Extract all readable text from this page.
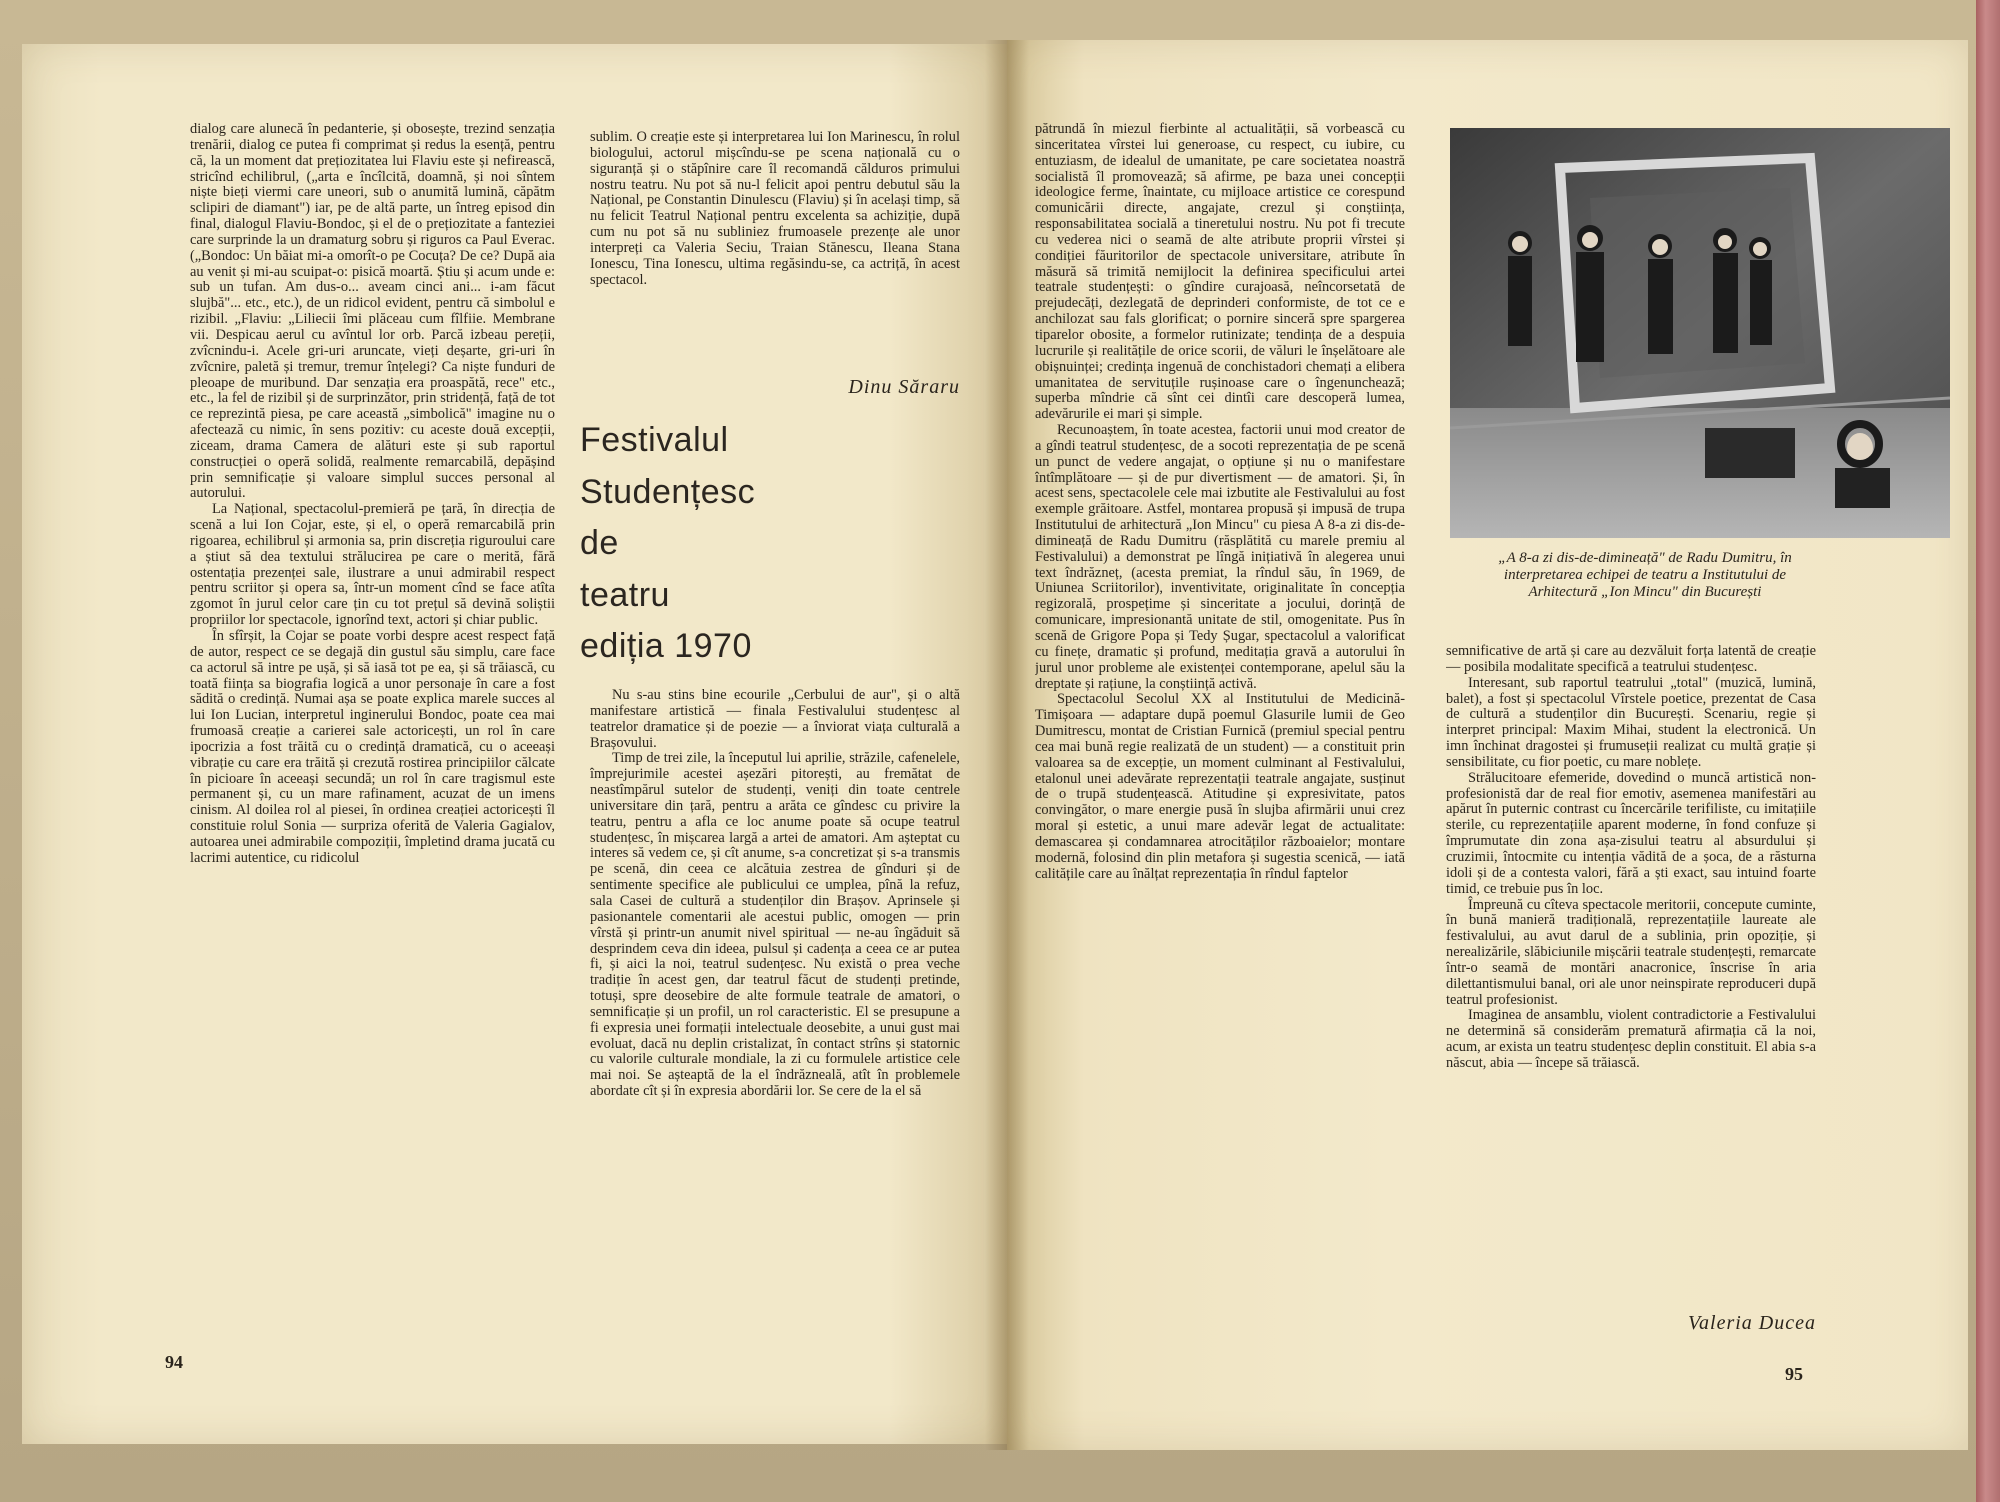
dialog care alunecă în pedanterie, și obosește, trezind senzația trenării, dialog ce putea fi comprimat și redus la esență, pentru că, la un moment dat prețiozitatea lui Flaviu este și nefirească, stricînd echilibrul, („arta e încîlcită, doamnă, și noi sîntem niște bieți viermi care uneori, sub o anumită lumină, căpătm sclipiri de diamant") iar, pe de altă parte, un întreg episod din final, dialogul Flaviu-Bondoc, și el de o prețiozitate a fanteziei care surprinde la un dramaturg sobru și riguros ca Paul Everac. („Bondoc: Un băiat mi-a omorît-o pe Cocuța? De ce? După aia au venit și mi-au scuipat-o: pisică moartă. Știu și acum unde e: sub un tufan. Am dus-o... aveam cinci ani... i-am făcut slujbă"... etc., etc.), de un ridicol evident, pentru că simbolul e rizibil. „Flaviu: „Liliecii îmi plăceau cum fîlfiie. Membrane vii. Despicau aerul cu avîntul lor orb. Parcă izbeau pereții, zvîcnindu-i. Acele gri-uri aruncate, vieți deșarte, gri-uri în zvîcnire, paletă și tremur, tremur înțelegi? Ca niște funduri de pleoape de muribund. Dar senzația era proaspătă, rece" etc., etc., la fel de rizibil și de surprinzător, prin stridență, față de tot ce reprezintă piesa, pe care această „simbolică" imagine nu o afectează cu nimic, în sens pozitiv: cu aceste două excepții, ziceam, drama Camera de alături este și sub raportul construcției o operă solidă, realmente remarcabilă, depășind prin semnificație și valoare simplul succes personal al autorului.

La Național, spectacolul-premieră pe țară, în direcția de scenă a lui Ion Cojar, este, și el, o operă remarcabilă prin rigoarea, echilibrul și armonia sa, prin discreția riguroului care a știut să dea textului strălucirea pe care o merită, fără ostentația prezenței sale, ilustrare a unui admirabil respect pentru scriitor și opera sa, într-un moment cînd se face atîta zgomot în jurul celor care țin cu tot prețul să devină soliștii propriilor lor spectacole, ignorînd text, actori și chiar public.

În sfîrșit, la Cojar se poate vorbi despre acest respect față de autor, respect ce se degajă din gustul său simplu, care face ca actorul să intre pe ușă, și să iasă tot pe ea, și să trăiască, cu toată ființa sa biografia logică a unor personaje în care a fost sădită o credință. Numai așa se poate explica marele succes al lui Ion Lucian, interpretul inginerului Bondoc, poate cea mai frumoasă creație a carierei sale actoricești, un rol în care ipocrizia a fost trăită cu o credință dramatică, cu o aceeași vibrație cu care era trăită și crezută rostirea principiilor călcate în picioare în aceeași secundă; un rol în care tragismul este permanent și, cu un mare rafinament, acuzat de un imens cinism. Al doilea rol al piesei, în ordinea creației actoricești îl constituie rolul Sonia — surpriza oferită de Valeria Gagialov, autoarea unei admirabile compoziții, împletind drama jucată cu lacrimi autentice, cu ridicolul

sublim. O creație este și interpretarea lui Ion Marinescu, în rolul biologului, actorul mișcîndu-se pe scena națională cu o siguranță și o stăpînire care îl recomandă călduros primului nostru teatru. Nu pot să nu-l felicit apoi pentru debutul său la Național, pe Constantin Dinulescu (Flaviu) și în același timp, să nu felicit Teatrul Național pentru excelenta sa achiziție, după cum nu pot să nu subliniez frumoasele prezențe ale unor interpreți ca Valeria Seciu, Traian Stănescu, Ileana Stana Ionescu, Tina Ionescu, ultima regăsindu-se, ca actriță, în acest spectacol.

Dinu Săraru
Festivalul
Studențesc
de
teatru
ediția 1970

Nu s-au stins bine ecourile „Cerbului de aur", și o altă manifestare artistică — finala Festivalului studențesc al teatrelor dramatice și de poezie — a înviorat viața culturală a Brașovului.

Timp de trei zile, la începutul lui aprilie, străzile, cafenelele, împrejurimile acestei așezări pitorești, au fremătat de neastîmpărul sutelor de studenți, veniți din toate centrele universitare din țară, pentru a arăta ce gîndesc cu privire la teatru, pentru a afla ce loc anume poate să ocupe teatrul studențesc, în mișcarea largă a artei de amatori. Am așteptat cu interes să vedem ce, și cît anume, s-a concretizat și s-a transmis pe scenă, din ceea ce alcătuia zestrea de gînduri și de sentimente specifice ale publicului ce umplea, pînă la refuz, sala Casei de cultură a studenților din Brașov. Aprinsele și pasionantele comentarii ale acestui public, omogen — prin vîrstă și printr-un anumit nivel spiritual — ne-au îngăduit să desprindem ceva din ideea, pulsul și cadența a ceea ce ar putea fi, și aici la noi, teatrul sudențesc. Nu există o prea veche tradiție în acest gen, dar teatrul făcut de studenți pretinde, totuși, spre deosebire de alte formule teatrale de amatori, o semnificație și un profil, un rol caracteristic. El se presupune a fi expresia unei formații intelectuale deosebite, a unui gust mai evoluat, dacă nu deplin cristalizat, în contact strîns și statornic cu valorile culturale mondiale, la zi cu formulele artistice cele mai noi. Se așteaptă de la el îndrăzneală, atît în problemele abordate cît și în expresia abordării lor. Se cere de la el să

94

pătrundă în miezul fierbinte al actualității, să vorbească cu sinceritatea vîrstei lui generoase, cu respect, cu iubire, cu entuziasm, de idealul de umanitate, pe care societatea noastră socialistă îl promovează; să afirme, pe baza unei concepții ideologice ferme, înaintate, cu mijloace artistice ce corespund comunicării directe, angajate, crezul și conștiința, responsabilitatea socială a tineretului nostru. Nu pot fi trecute cu vederea nici o seamă de alte atribute proprii vîrstei și condiției făuritorilor de spectacole universitare, atribute în măsură să trimită nemijlocit la definirea specificului artei teatrale studențești: o gîndire curajoasă, neîncorsetată de prejudecăți, dezlegată de deprinderi conformiste, de tot ce e anchilozat sau fals glorificat; o pornire sinceră spre spargerea tiparelor obosite, a formelor rutinizate; tendința de a despuia lucrurile și realitățile de orice scorii, de văluri le înșelătoare ale obișnuinței; credința ingenuă de conchistadori chemați a elibera umanitatea de servituțile rușinoase care o îngenunchează; superba mîndrie că sînt cei dintîi care descoperă lumea, adevărurile ei mari și simple.

Recunoaștem, în toate acestea, factorii unui mod creator de a gîndi teatrul studențesc, de a socoti reprezentația de pe scenă un punct de vedere angajat, o opțiune și nu o manifestare întîmplătoare — și de pur divertisment — de amatori. Și, în acest sens, spectacolele cele mai izbutite ale Festivalului au fost exemple grăitoare. Astfel, montarea propusă și impusă de trupa Institutului de arhitectură „Ion Mincu" cu piesa A 8-a zi dis-de-dimineață de Radu Dumitru (răsplătită cu marele premiu al Festivalului) a demonstrat pe lîngă inițiativă în alegerea unui text îndrăzneț, (acesta premiat, la rîndul său, în 1969, de Uniunea Scriitorilor), inventivitate, originalitate în concepția regizorală, prospețime și sinceritate a jocului, dorință de comunicare, impresionantă unitate de stil, omogenitate. Pus în scenă de Grigore Popa și Tedy Șugar, spectacolul a valorificat cu finețe, dramatic și profund, meditația gravă a autorului în jurul unor probleme ale existenței contemporane, apelul său la dreptate și rațiune, la conștiință activă.

Spectacolul Secolul XX al Institutului de Medicină-Timișoara — adaptare după poemul Glasurile lumii de Geo Dumitrescu, montat de Cristian Furnică (premiul special pentru cea mai bună regie realizată de un student) — a constituit prin valoarea sa de excepție, un moment culminant al Festivalului, etalonul unei adevărate reprezentații teatrale angajate, susținut de o trupă studențească. Atitudine și expresivitate, patos convingător, o mare energie pusă în slujba afirmării unui crez moral și estetic, a unui mare adevăr legat de actualitate: demascarea și condamnarea atrocităților războaielor; montare modernă, folosind din plin metafora și sugestia scenică, — iată calitățile care au înălțat reprezentația în rîndul faptelor

„A 8-a zi dis-de-dimineață" de Radu Dumitru, în interpretarea echipei de teatru a Institutului de Arhitectură „Ion Mincu" din București

semnificative de artă și care au dezvăluit forța latentă de creație — posibila modalitate specifică a teatrului studențesc.

Interesant, sub raportul teatrului „total" (muzică, lumină, balet), a fost și spectacolul Vîrstele poetice, prezentat de Casa de cultură a studenților din București. Scenariu, regie și interpret principal: Maxim Mihai, student la electronică. Un imn închinat dragostei și frumuseții realizat cu multă grație și sensibilitate, cu fior poetic, cu mare noblețe.

Strălucitoare efemeride, dovedind o muncă artistică non-profesionistă dar de real fior emotiv, asemenea manifestări au apărut în puternic contrast cu încercările terifiliste, cu imitațiile sterile, cu reprezentațiile aparent moderne, în fond confuze și împrumutate din zona așa-zisului teatru al absurdului și cruzimii, întocmite cu intenția vădită de a șoca, de a răsturna idoli și de a contesta valori, fără a ști exact, sau intuind foarte timid, ce trebuie pus în loc.

Împreună cu cîteva spectacole meritorii, concepute cuminte, în bună manieră tradițională, reprezentațiile laureate ale festivalului, au avut darul de a sublinia, prin opoziție, și nerealizările, slăbiciunile mișcării teatrale studențești, remarcate într-o seamă de montări anacronice, înscrise în aria dilettantismului banal, ori ale unor neinspirate reproduceri după teatrul profesionist.

Imaginea de ansamblu, violent contradictorie a Festivalului ne determină să considerăm prematură afirmația că la noi, acum, ar exista un teatru studențesc deplin constituit. El abia s-a născut, abia — începe să trăiască.

Valeria Ducea
95
